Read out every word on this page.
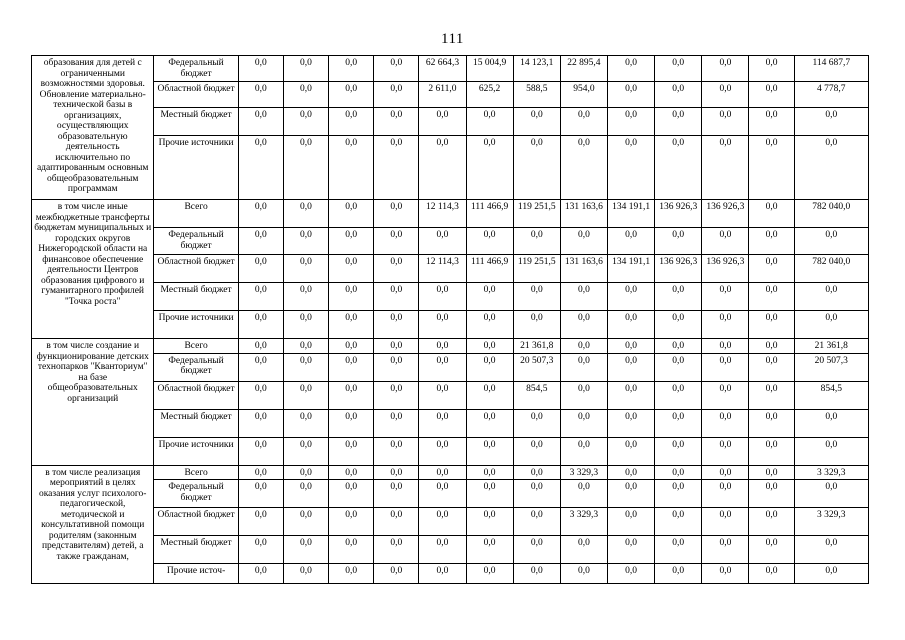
111
образования для детей с ограниченными возможностями здоровья. Обновление материально-технической базы в организациях, осуществляющих образовательную деятельность исключительно по адаптированным основным общеобразовательным программам	Федеральный бюджет	0,0	0,0	0,0	0,0	62 664,3	15 004,9	14 123,1	22 895,4	0,0	0,0	0,0	0,0	114 687,7
	Областной бюджет	0,0	0,0	0,0	0,0	2 611,0	625,2	588,5	954,0	0,0	0,0	0,0	0,0	4 778,7
	Местный бюджет	0,0	0,0	0,0	0,0	0,0	0,0	0,0	0,0	0,0	0,0	0,0	0,0	0,0
	Прочие источники	0,0	0,0	0,0	0,0	0,0	0,0	0,0	0,0	0,0	0,0	0,0	0,0	0,0
в том числе иные межбюджетные трансферты бюджетам муниципальных и городских округов Нижегородской области на финансовое обеспечение деятельности Центров образования цифрового и гуманитарного профилей "Точка роста"	Всего	0,0	0,0	0,0	0,0	12 114,3	111 466,9	119 251,5	131 163,6	134 191,1	136 926,3	136 926,3	0,0	782 040,0
	Федеральный бюджет	0,0	0,0	0,0	0,0	0,0	0,0	0,0	0,0	0,0	0,0	0,0	0,0	0,0
	Областной бюджет	0,0	0,0	0,0	0,0	12 114,3	111 466,9	119 251,5	131 163,6	134 191,1	136 926,3	136 926,3	0,0	782 040,0
	Местный бюджет	0,0	0,0	0,0	0,0	0,0	0,0	0,0	0,0	0,0	0,0	0,0	0,0	0,0
	Прочие источники	0,0	0,0	0,0	0,0	0,0	0,0	0,0	0,0	0,0	0,0	0,0	0,0	0,0
в том числе создание и функционирование детских технопарков "Кванториум" на базе общеобразовательных организаций	Всего	0,0	0,0	0,0	0,0	0,0	0,0	21 361,8	0,0	0,0	0,0	0,0	0,0	21 361,8
	Федеральный бюджет	0,0	0,0	0,0	0,0	0,0	0,0	20 507,3	0,0	0,0	0,0	0,0	0,0	20 507,3
	Областной бюджет	0,0	0,0	0,0	0,0	0,0	0,0	854,5	0,0	0,0	0,0	0,0	0,0	854,5
	Местный бюджет	0,0	0,0	0,0	0,0	0,0	0,0	0,0	0,0	0,0	0,0	0,0	0,0	0,0
	Прочие источники	0,0	0,0	0,0	0,0	0,0	0,0	0,0	0,0	0,0	0,0	0,0	0,0	0,0
в том числе реализация мероприятий в целях оказания услуг психолого-педагогической, методической и консультативной помощи родителям (законным представителям) детей, а также гражданам,	Всего	0,0	0,0	0,0	0,0	0,0	0,0	0,0	3 329,3	0,0	0,0	0,0	0,0	3 329,3
	Федеральный бюджет	0,0	0,0	0,0	0,0	0,0	0,0	0,0	0,0	0,0	0,0	0,0	0,0	0,0
	Областной бюджет	0,0	0,0	0,0	0,0	0,0	0,0	0,0	3 329,3	0,0	0,0	0,0	0,0	3 329,3
	Местный бюджет	0,0	0,0	0,0	0,0	0,0	0,0	0,0	0,0	0,0	0,0	0,0	0,0	0,0
	Прочие источ-	0,0	0,0	0,0	0,0	0,0	0,0	0,0	0,0	0,0	0,0	0,0	0,0	0,0
